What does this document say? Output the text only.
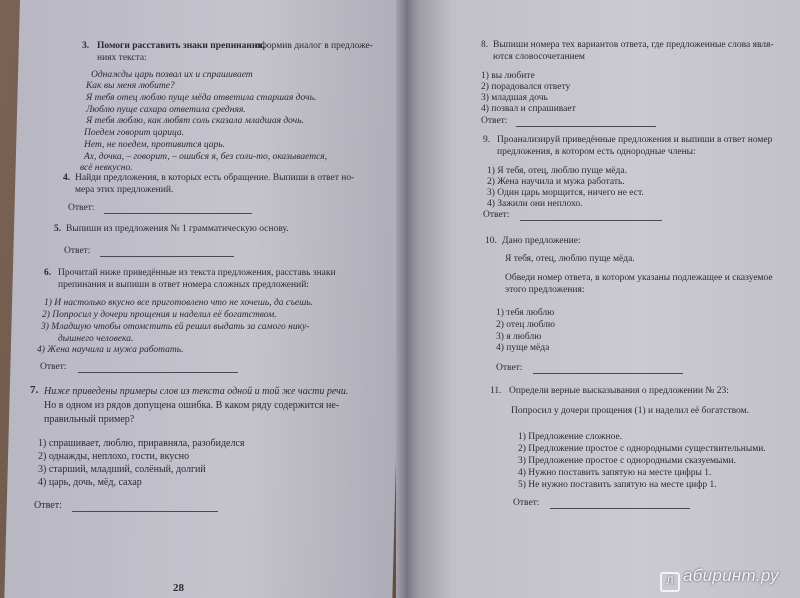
3. Помоги расставить знаки препинания,
оформив диалог в предложе-
ниях текста:
Однажды царь позвал их и спрашивает
Как вы меня любите?
Я тебя отец люблю пуще мёда ответила старшая дочь.
Люблю пуще сахара ответила средняя.
Я тебя люблю, как любят соль сказала младшая дочь.
Поедем говорит царица.
Нет, не поедем, противится царь.
Ах, дочка, – говорит, – ошибся я, без соли-то, оказывается,
всё невкусно.
4. Найди предложения, в которых есть обращение. Выпиши в ответ но-
мера этих предложений.
Ответ:
5. Выпиши из предложения № 1 грамматическую основу.
Ответ:
6. Прочитай ниже приведённые из текста предложения, расставь знаки
препинания и выпиши в ответ номера сложных предложений:
1) И настолько вкусно все приготовлено что не хочешь, да съешь.
2) Попросил у дочери прощения и наделил её богатством.
3) Младшую чтобы отомстить ей решил выдать за самого нику-
дышнего человека.
4) Жена научила и мужа работать.
Ответ:
7. Ниже приведены примеры слов из текста одной и той же части речи.
Но в одном из рядов допущена ошибка. В каком ряду содержится не-
правильный пример?
1) спрашивает, люблю, приравняла, разобиделся
2) однажды, неплохо, гости, вкусно
3) старший, младший, солёный, долгий
4) царь, дочь, мёд, сахар
Ответ:
28
8. Выпиши номера тех вариантов ответа, где предложенные слова явля-
ются словосочетанием
1) вы любите
2) порадовался ответу
3) младшая дочь
4) позвал и спрашивает
Ответ:
9. Проанализируй приведённые предложения и выпиши в ответ номер
предложения, в котором есть однородные члены:
1) Я тебя, отец, люблю пуще мёда.
2) Жена научила и мужа работать.
3) Один царь морщится, ничего не ест.
4) Зажили они неплохо.
Ответ:
10. Дано предложение:
Я тебя, отец, люблю пуще мёда.
Обведи номер ответа, в котором указаны подлежащее и сказуемое
этого предложения:
1) тебя люблю
2) отец люблю
3) я люблю
4) пуще мёда
Ответ:
11. Определи верные высказывания о предложении № 23:
Попросил у дочери прощения (1) и наделил её богатством.
1) Предложение сложное.
2) Предложение простое с однородными существительными.
3) Предложение простое с однородными сказуемыми.
4) Нужно поставить запятую на месте цифры 1.
5) Не нужно поставить запятую на месте цифр 1.
Ответ:
Л абиринт.ру
